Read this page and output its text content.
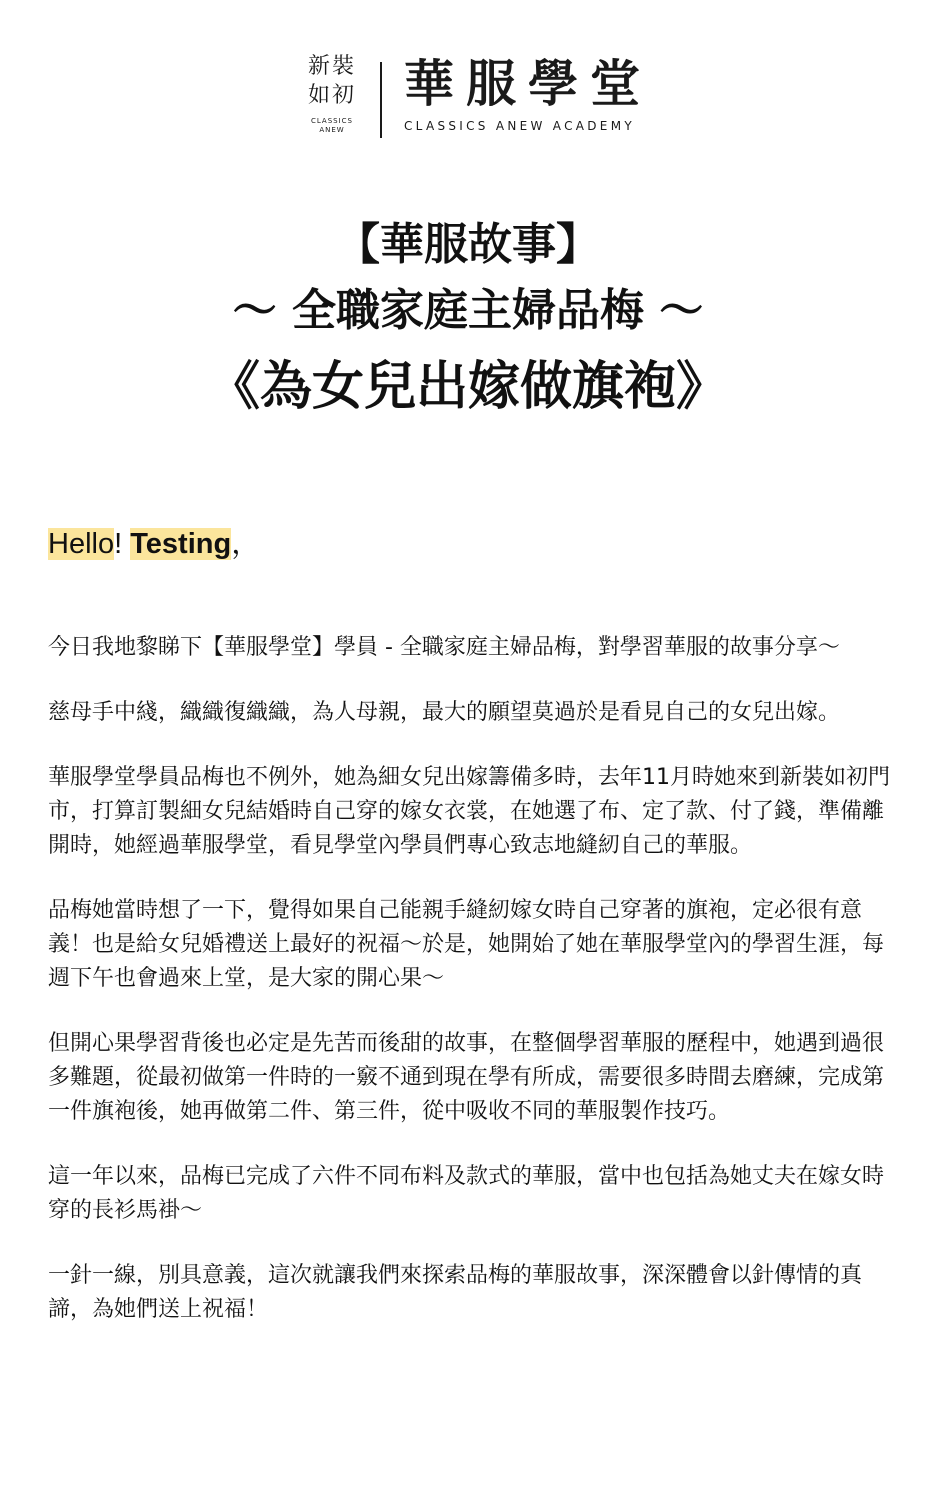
新裝
如初
CLASSICS
ANEW
華服學堂
CLASSICS ANEW ACADEMY
【華服故事】
～ 全職家庭主婦品梅 ～
《為女兒出嫁做旗袍》
Hello! Testing，

今日我地黎睇下【華服學堂】學員 - 全職家庭主婦品梅，對學習華服的故事分享～

慈母手中綫，織織復織織，為人母親，最大的願望莫過於是看見自己的女兒出嫁。

華服學堂學員品梅也不例外，她為細女兒出嫁籌備多時，去年11月時她來到新裝如初門市，打算訂製細女兒結婚時自己穿的嫁女衣裳，在她選了布、定了款、付了錢，準備離開時，她經過華服學堂，看見學堂內學員們專心致志地縫紉自己的華服。

品梅她當時想了一下，覺得如果自己能親手縫紉嫁女時自己穿著的旗袍，定必很有意義！也是給女兒婚禮送上最好的祝福～於是，她開始了她在華服學堂內的學習生涯，每週下午也會過來上堂，是大家的開心果～

但開心果學習背後也必定是先苦而後甜的故事，在整個學習華服的歷程中，她遇到過很多難題，從最初做第一件時的一竅不通到現在學有所成，需要很多時間去磨練，完成第一件旗袍後，她再做第二件、第三件，從中吸收不同的華服製作技巧。

這一年以來，品梅已完成了六件不同布料及款式的華服，當中也包括為她丈夫在嫁女時穿的長衫馬褂～

一針一線，別具意義，這次就讓我們來探索品梅的華服故事，深深體會以針傳情的真諦，為她們送上祝福！
